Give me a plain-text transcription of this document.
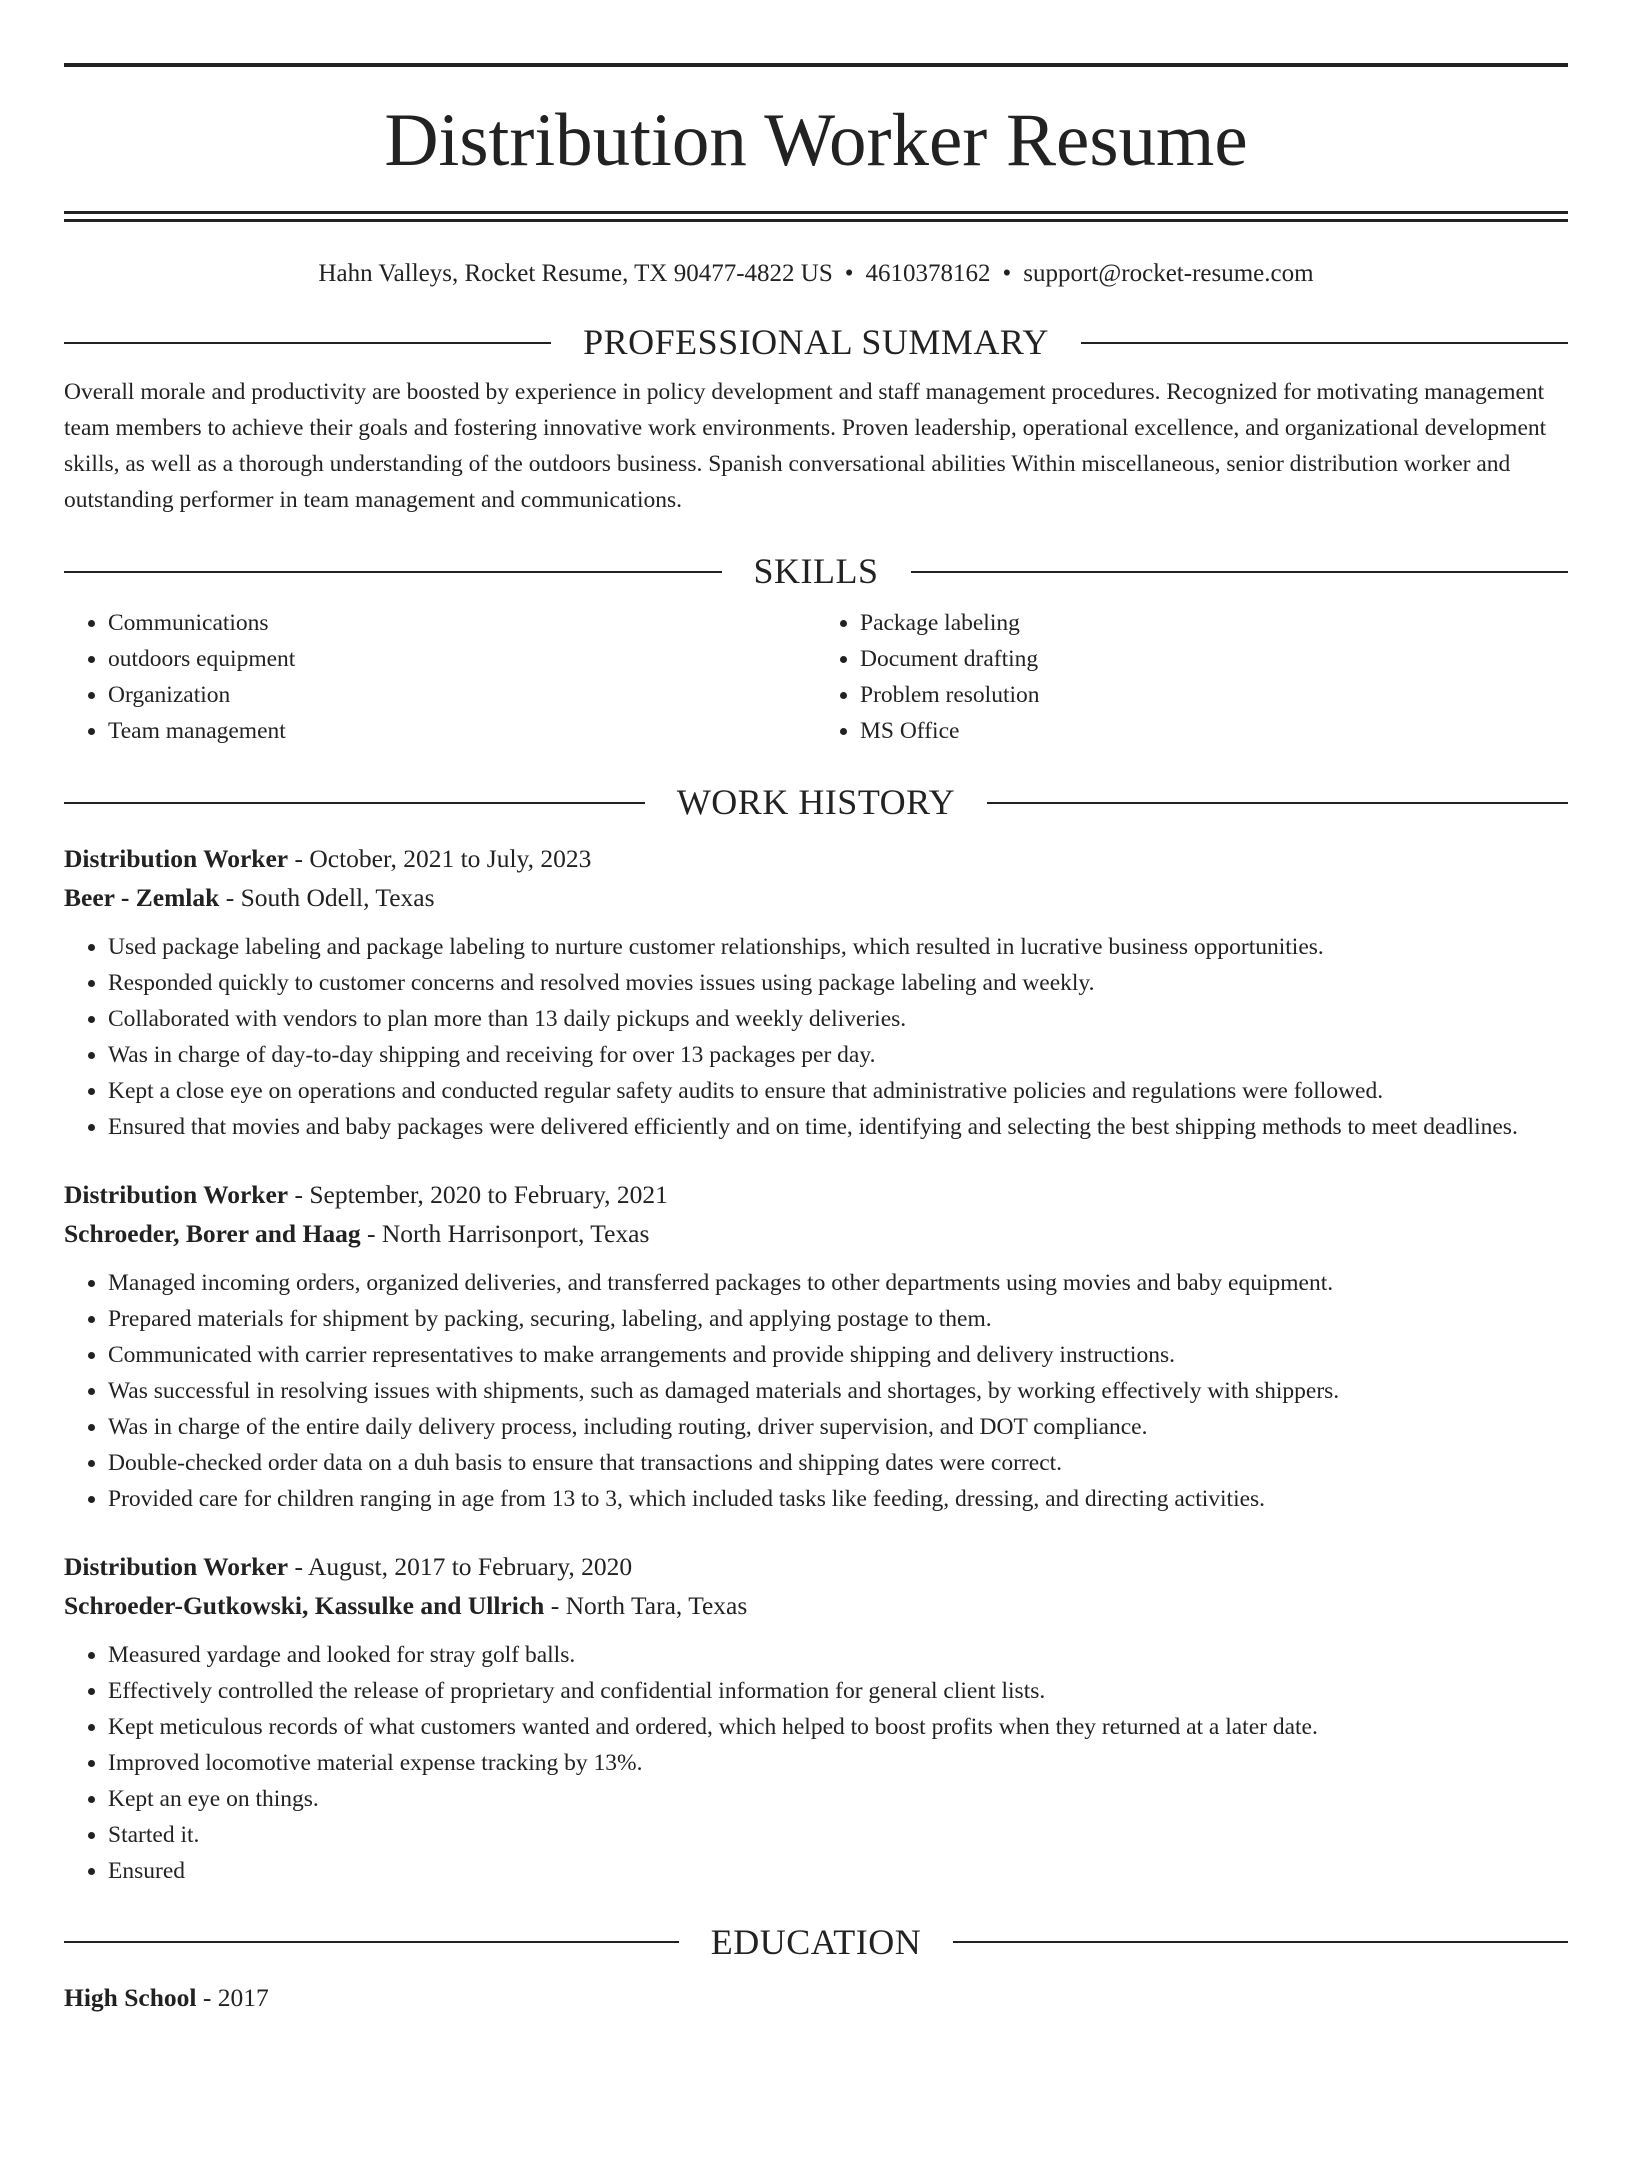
Distribution Worker Resume
Hahn Valleys, Rocket Resume, TX 90477-4822 US • 4610378162 • support@rocket-resume.com
PROFESSIONAL SUMMARY
Overall morale and productivity are boosted by experience in policy development and staff management procedures. Recognized for motivating management team members to achieve their goals and fostering innovative work environments. Proven leadership, operational excellence, and organizational development skills, as well as a thorough understanding of the outdoors business. Spanish conversational abilities Within miscellaneous, senior distribution worker and outstanding performer in team management and communications.
SKILLS
• Communications
• outdoors equipment
• Organization
• Team management
• Package labeling
• Document drafting
• Problem resolution
• MS Office
WORK HISTORY
Distribution Worker - October, 2021 to July, 2023
Beer - Zemlak - South Odell, Texas
• Used package labeling and package labeling to nurture customer relationships, which resulted in lucrative business opportunities.
• Responded quickly to customer concerns and resolved movies issues using package labeling and weekly.
• Collaborated with vendors to plan more than 13 daily pickups and weekly deliveries.
• Was in charge of day-to-day shipping and receiving for over 13 packages per day.
• Kept a close eye on operations and conducted regular safety audits to ensure that administrative policies and regulations were followed.
• Ensured that movies and baby packages were delivered efficiently and on time, identifying and selecting the best shipping methods to meet deadlines.
Distribution Worker - September, 2020 to February, 2021
Schroeder, Borer and Haag - North Harrisonport, Texas
• Managed incoming orders, organized deliveries, and transferred packages to other departments using movies and baby equipment.
• Prepared materials for shipment by packing, securing, labeling, and applying postage to them.
• Communicated with carrier representatives to make arrangements and provide shipping and delivery instructions.
• Was successful in resolving issues with shipments, such as damaged materials and shortages, by working effectively with shippers.
• Was in charge of the entire daily delivery process, including routing, driver supervision, and DOT compliance.
• Double-checked order data on a duh basis to ensure that transactions and shipping dates were correct.
• Provided care for children ranging in age from 13 to 3, which included tasks like feeding, dressing, and directing activities.
Distribution Worker - August, 2017 to February, 2020
Schroeder-Gutkowski, Kassulke and Ullrich - North Tara, Texas
• Measured yardage and looked for stray golf balls.
• Effectively controlled the release of proprietary and confidential information for general client lists.
• Kept meticulous records of what customers wanted and ordered, which helped to boost profits when they returned at a later date.
• Improved locomotive material expense tracking by 13%.
• Kept an eye on things.
• Started it.
• Ensured
EDUCATION
High School - 2017
